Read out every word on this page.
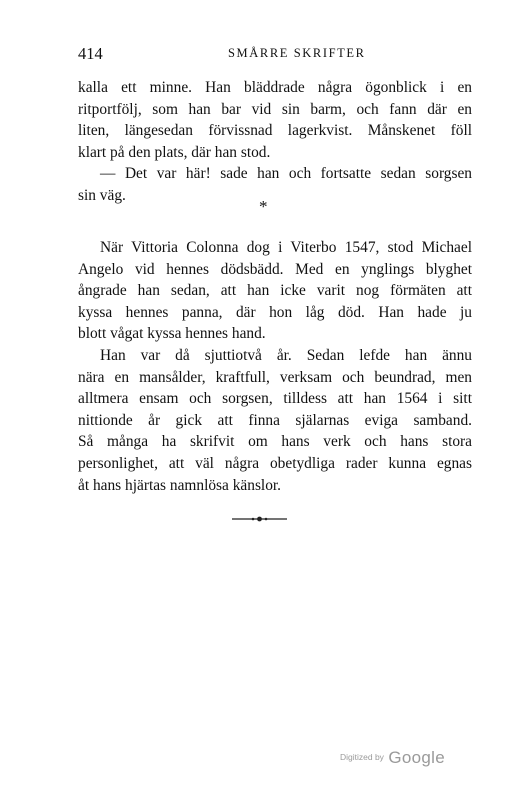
414	SMÅRRE SKRIFTER
kalla ett minne. Han bläddrade några ögonblick i en
ritportfölj, som han bar vid sin barm, och fann där en
liten, längesedan förvissnad lagerkvist. Månskenet föll
klart på den plats, där han stod.
— Det var här! sade han och fortsatte sedan sorgsen
sin väg.
*
När Vittoria Colonna dog i Viterbo 1547, stod Michael
Angelo vid hennes dödsbädd. Med en ynglings blyghet
ångrade han sedan, att han icke varit nog förmäten att
kyssa hennes panna, där hon låg död. Han hade ju
blott vågat kyssa hennes hand.
Han var då sjuttiotvå år. Sedan lefde han ännu
nära en mansålder, kraftfull, verksam och beundrad, men
alltmera ensam och sorgsen, tilldess att han 1564 i sitt
nittionde år gick att finna själarnas eviga samband.
Så många ha skrifvit om hans verk och hans stora
personlighet, att väl några obetydliga rader kunna egnas
åt hans hjärtas namnlösa känslor.
Digitized by Google
